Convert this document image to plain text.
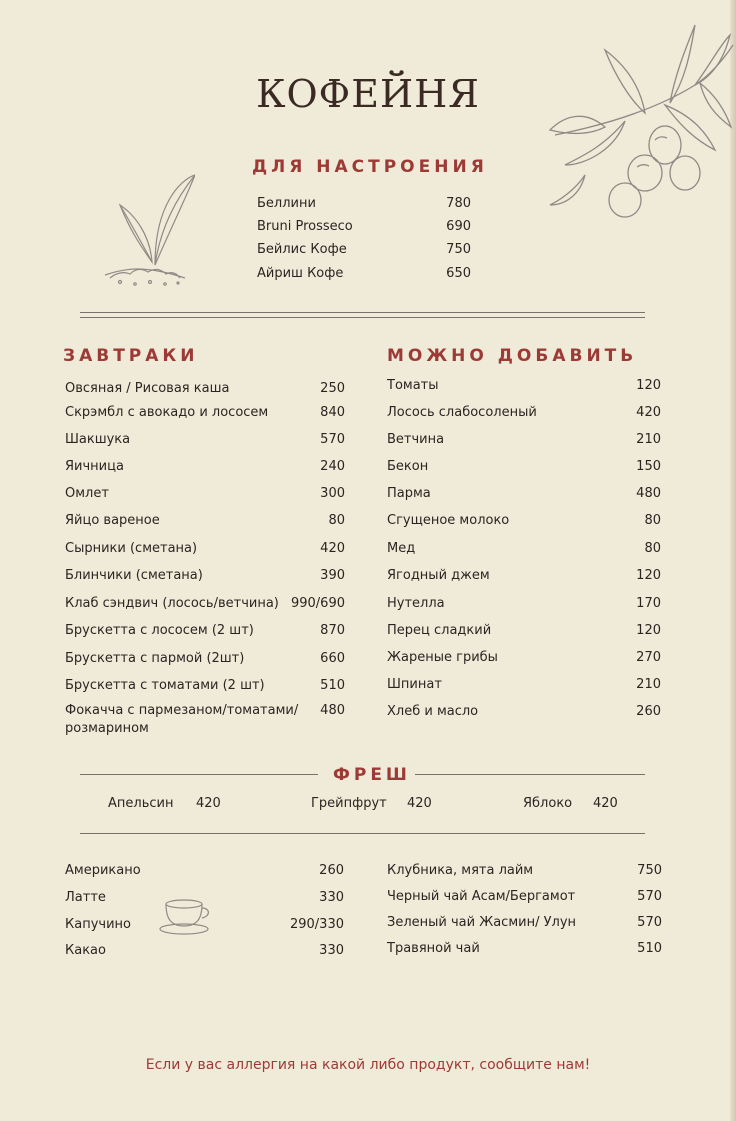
КОФЕЙНЯ
ДЛЯ НАСТРОЕНИЯ
Беллини	780
Bruni Prosseco	690
Бейлис Кофе	750
Айриш Кофе	650
ЗАВТРАКИ
Овсяная / Рисовая каша	250
Скрэмбл с авокадо и лососем	840
Шакшука	570
Яичница	240
Омлет	300
Яйцо вареное	80
Сырники (сметана)	420
Блинчики (сметана)	390
Клаб сэндвич (лосось/ветчина) 990/690
Брускетта с лососем (2 шт)	870
Брускетта с пармой (2шт)	660
Брускетта с томатами (2 шт)	510
Фокачча с пармезаном/томатами/ 480
розмарином
МОЖНО ДОБАВИТЬ
Томаты	120
Лосось слабосоленый	420
Ветчина	210
Бекон	150
Парма	480
Сгущеное молоко	80
Мед	80
Ягодный джем	120
Нутелла	170
Перец сладкий	120
Жареные грибы	270
Шпинат	210
Хлеб и масло	260
ФРЕШ
Апельсин 420	Грейпфрут 420	Яблоко 420
Американо	260
Латте	330
Капучино	290/330
Какао	330
Клубника, мята лайм	750
Черный чай Асам/Бергамот	570
Зеленый чай Жасмин/ Улун	570
Травяной чай	510
Если у вас аллергия на какой либо продукт, сообщите нам!
